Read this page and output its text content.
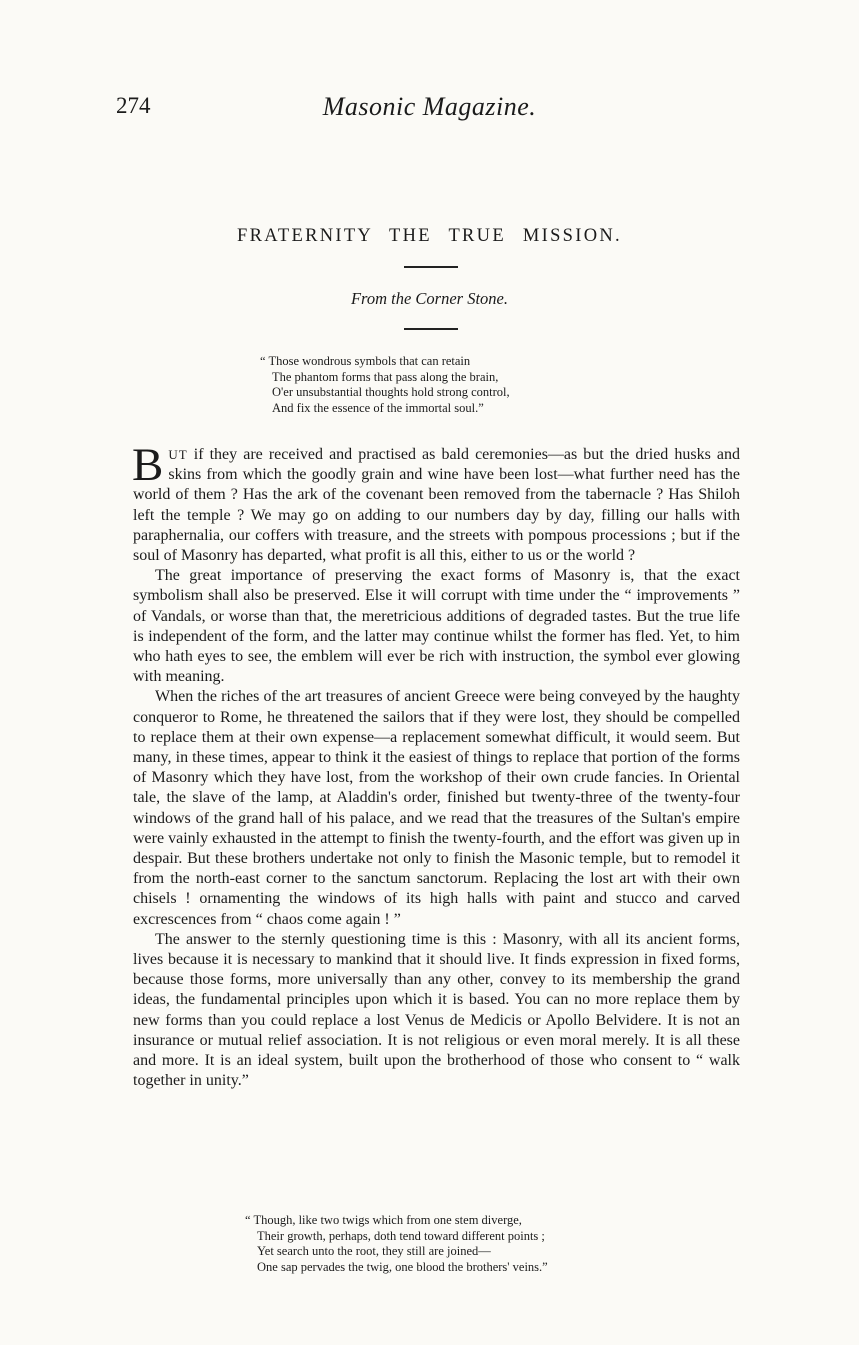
274	Masonic Magazine.
FRATERNITY THE TRUE MISSION.
From the Corner Stone.
“ Those wondrous symbols that can retain
The phantom forms that pass along the brain,
O'er unsubstantial thoughts hold strong control,
And fix the essence of the immortal soul.”

BUT if they are received and practised as bald ceremonies—as but the dried husks and skins from which the goodly grain and wine have been lost—what further need has the world of them ? Has the ark of the covenant been removed from the tabernacle ? Has Shiloh left the temple ? We may go on adding to our numbers day by day, filling our halls with paraphernalia, our coffers with treasure, and the streets with pompous processions ; but if the soul of Masonry has departed, what profit is all this, either to us or the world ?

The great importance of preserving the exact forms of Masonry is, that the exact symbolism shall also be preserved. Else it will corrupt with time under the “ improvements ” of Vandals, or worse than that, the meretricious additions of degraded tastes. But the true life is independent of the form, and the latter may continue whilst the former has fled. Yet, to him who hath eyes to see, the emblem will ever be rich with instruction, the symbol ever glowing with meaning.

When the riches of the art treasures of ancient Greece were being conveyed by the haughty conqueror to Rome, he threatened the sailors that if they were lost, they should be compelled to replace them at their own expense—a replacement somewhat difficult, it would seem. But many, in these times, appear to think it the easiest of things to replace that portion of the forms of Masonry which they have lost, from the workshop of their own crude fancies. In Oriental tale, the slave of the lamp, at Aladdin's order, finished but twenty-three of the twenty-four windows of the grand hall of his palace, and we read that the treasures of the Sultan's empire were vainly exhausted in the attempt to finish the twenty-fourth, and the effort was given up in despair. But these brothers undertake not only to finish the Masonic temple, but to remodel it from the north-east corner to the sanctum sanctorum. Replacing the lost art with their own chisels ! ornamenting the windows of its high halls with paint and stucco and carved excrescences from “ chaos come again ! ”

The answer to the sternly questioning time is this : Masonry, with all its ancient forms, lives because it is necessary to mankind that it should live. It finds expression in fixed forms, because those forms, more universally than any other, convey to its membership the grand ideas, the fundamental principles upon which it is based. You can no more replace them by new forms than you could replace a lost Venus de Medicis or Apollo Belvidere. It is not an insurance or mutual relief association. It is not religious or even moral merely. It is all these and more. It is an ideal system, built upon the brotherhood of those who consent to “ walk together in unity.”

“ Though, like two twigs which from one stem diverge,
Their growth, perhaps, doth tend toward different points ;
Yet search unto the root, they still are joined—
One sap pervades the twig, one blood the brothers' veins.”
